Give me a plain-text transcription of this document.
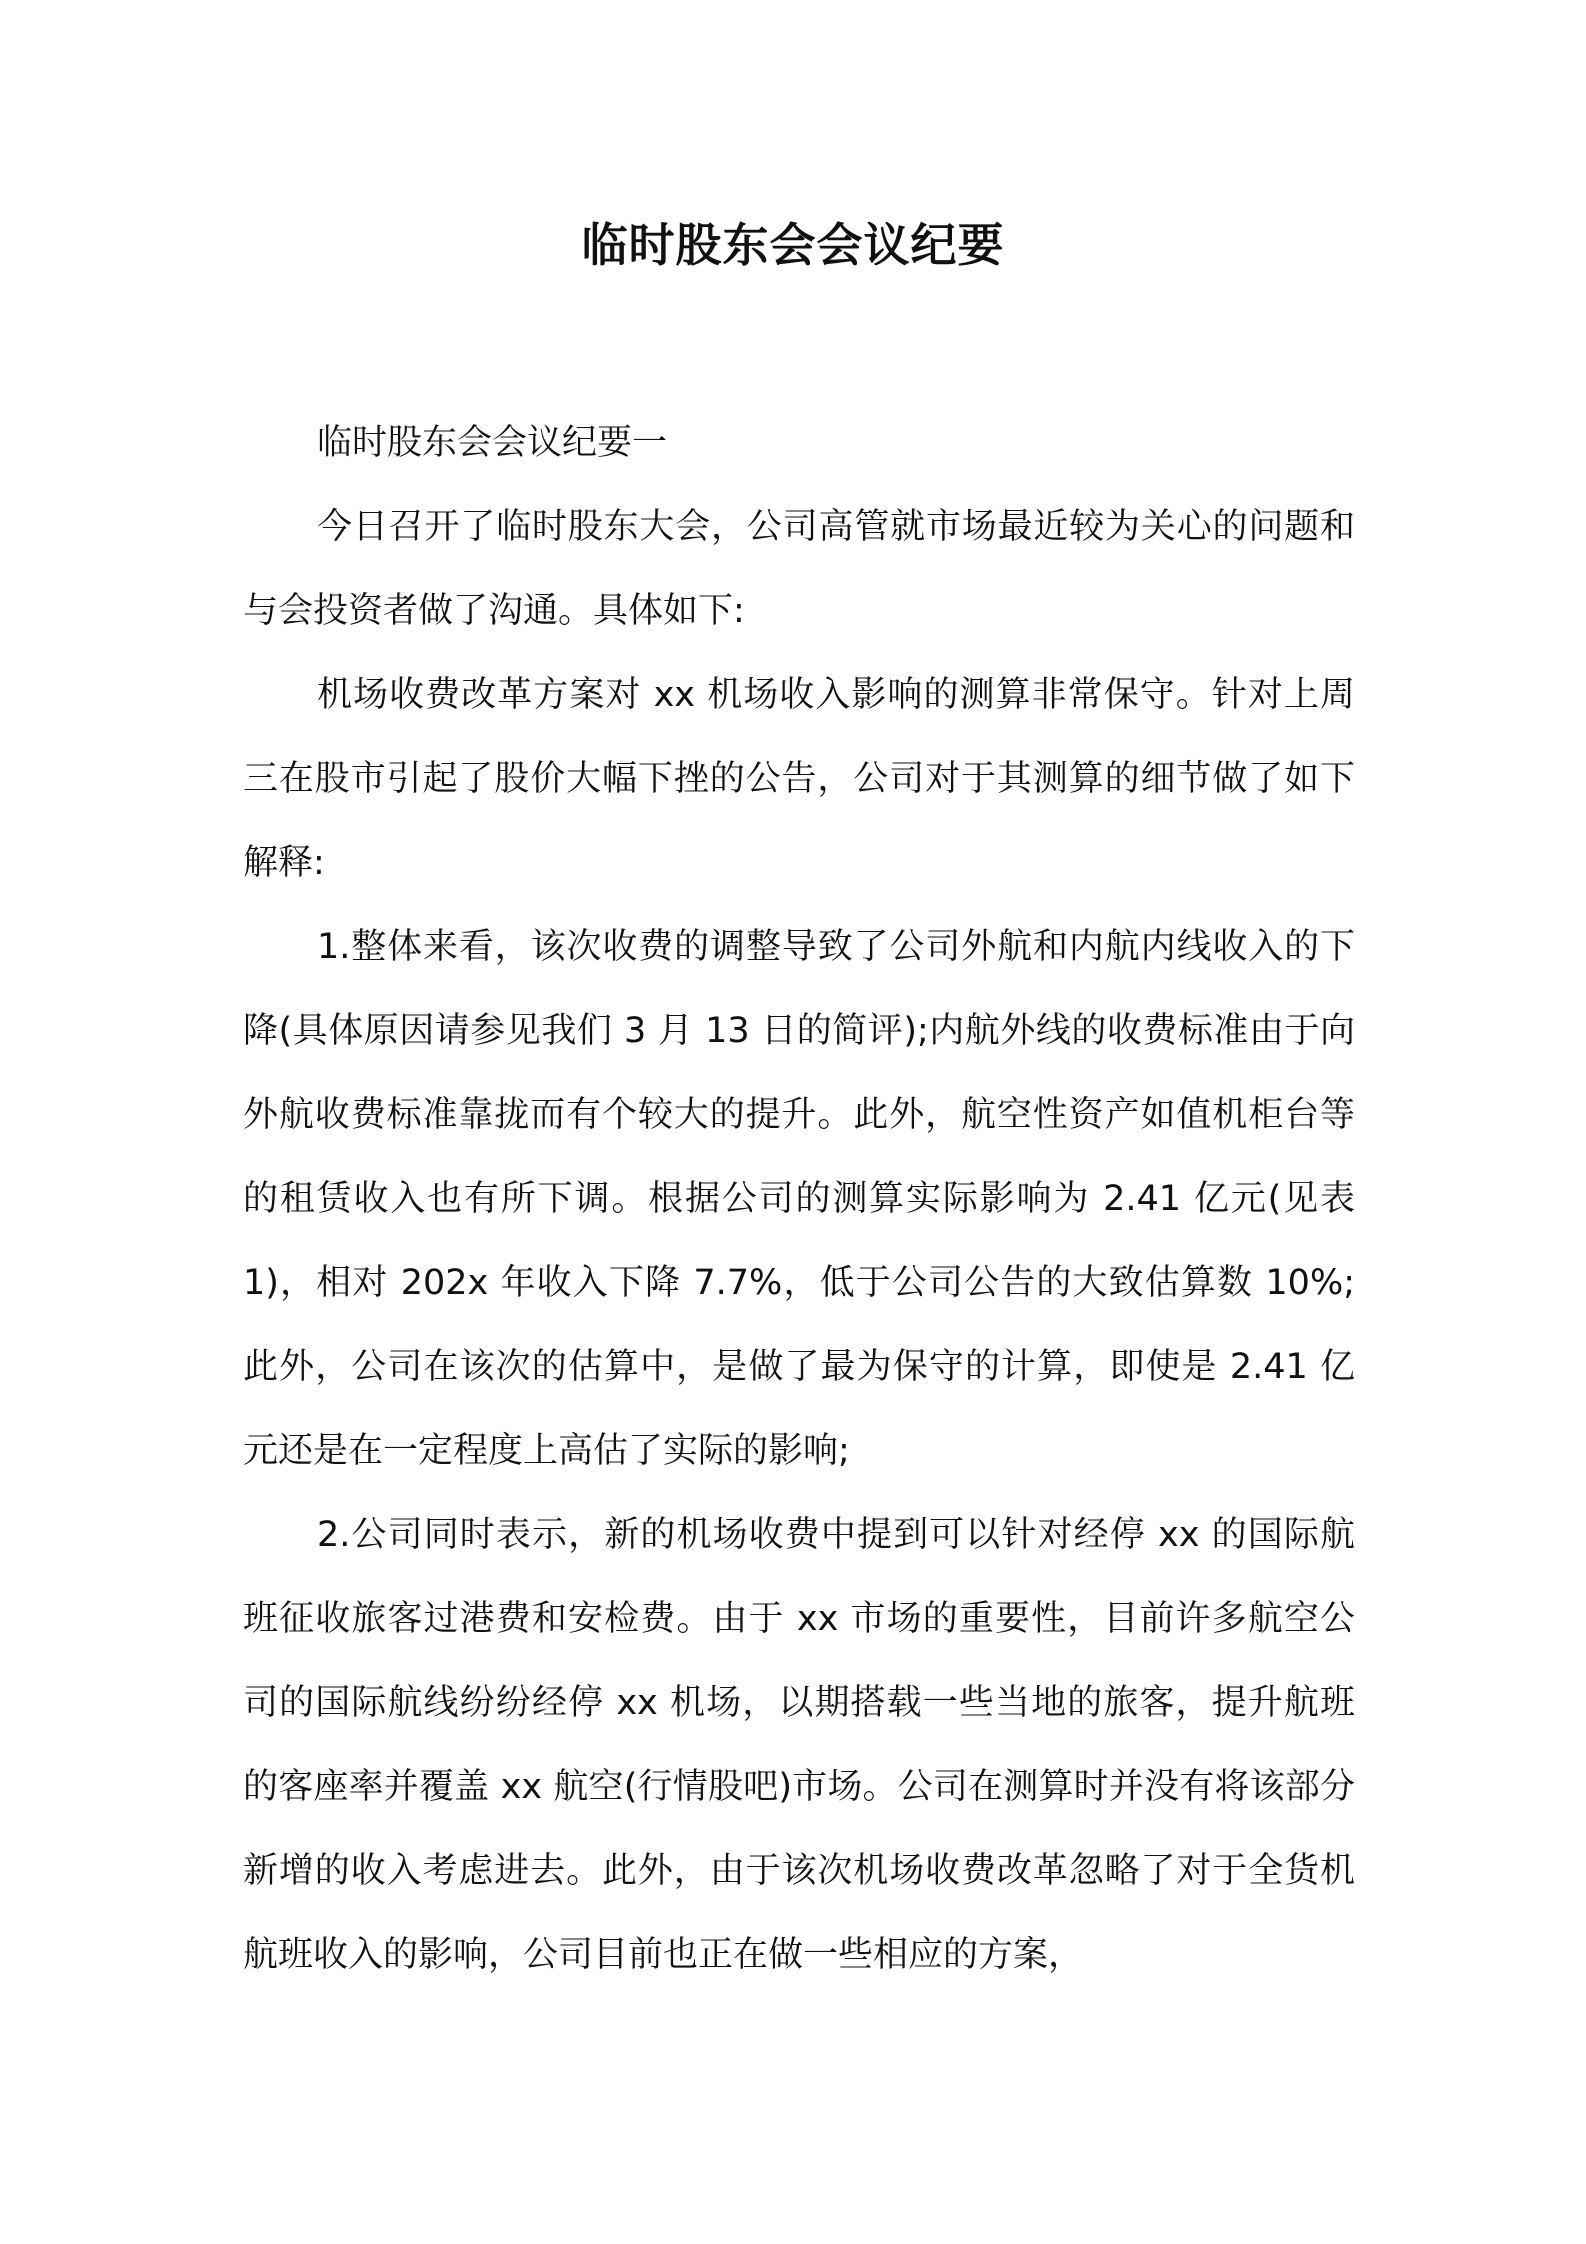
临时股东会会议纪要

临时股东会会议纪要一

今日召开了临时股东大会，公司高管就市场最近较为关心的问题和与会投资者做了沟通。具体如下:

机场收费改革方案对 xx 机场收入影响的测算非常保守。针对上周三在股市引起了股价大幅下挫的公告，公司对于其测算的细节做了如下解释:

1.整体来看，该次收费的调整导致了公司外航和内航内线收入的下降(具体原因请参见我们 3 月 13 日的简评);内航外线的收费标准由于向外航收费标准靠拢而有个较大的提升。此外，航空性资产如值机柜台等的租赁收入也有所下调。根据公司的测算实际影响为 2.41 亿元(见表 1)，相对 202x 年收入下降 7.7%，低于公司公告的大致估算数 10%;此外，公司在该次的估算中，是做了最为保守的计算，即使是 2.41 亿元还是在一定程度上高估了实际的影响;

2.公司同时表示，新的机场收费中提到可以针对经停 xx 的国际航班征收旅客过港费和安检费。由于 xx 市场的重要性，目前许多航空公司的国际航线纷纷经停 xx 机场，以期搭载一些当地的旅客，提升航班的客座率并覆盖 xx 航空(行情股吧)市场。公司在测算时并没有将该部分新增的收入考虑进去。此外，由于该次机场收费改革忽略了对于全货机航班收入的影响，公司目前也正在做一些相应的方案，
